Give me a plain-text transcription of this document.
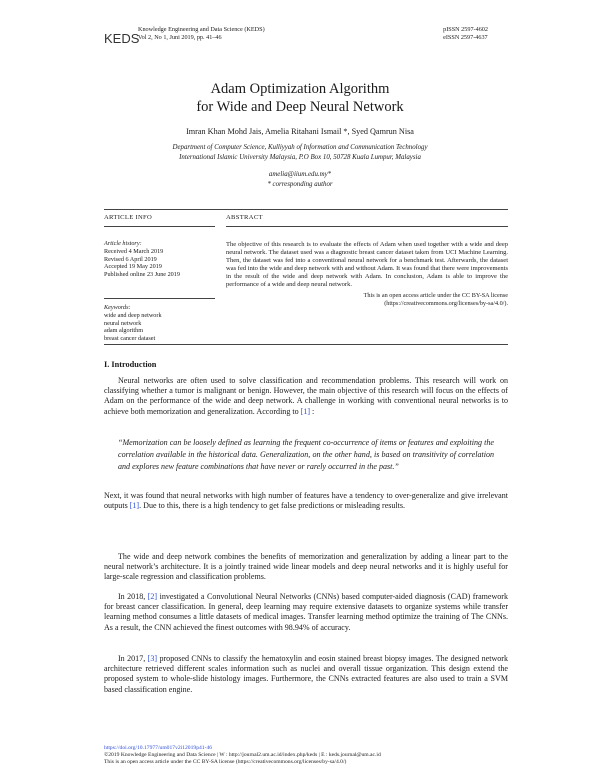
KEDS
Knowledge Engineering and Data Science (KEDS)
Vol 2, No 1, Juni 2019, pp. 41–46
pISSN 2597-4602
eISSN 2597-4637
Adam Optimization Algorithm
for Wide and Deep Neural Network
Imran Khan Mohd Jais, Amelia Ritahani Ismail *, Syed Qamrun Nisa
Department of Computer Science, Kulliyyah of Information and Communication Technology
International Islamic University Malaysia, P.O Box 10, 50728 Kuala Lumpur, Malaysia
amelia@iium.edu.my*
* corresponding author
ARTICLE INFO	ABSTRACT
Article history:
Received 4 March 2019
Revised 6 April 2019
Accepted 19 May 2019
Published online 23 June 2019
Keywords:
wide and deep network
neural network
adam algorithm
breast cancer dataset
The objective of this research is to evaluate the effects of Adam when used together with a wide and deep neural network. The dataset used was a diagnostic breast cancer dataset taken from UCI Machine Learning. Then, the dataset was fed into a conventional neural network for a benchmark test. Afterwards, the dataset was fed into the wide and deep network with and without Adam. It was found that there were improvements in the result of the wide and deep network with Adam. In conclusion, Adam is able to improve the performance of a wide and deep neural network.
This is an open access article under the CC BY-SA license
(https://creativecommons.org/licenses/by-sa/4.0/).
I. Introduction

Neural networks are often used to solve classification and recommendation problems. This research will work on classifying whether a tumor is malignant or benign. However, the main objective of this research will focus on the effects of Adam on the performance of the wide and deep network. A challenge in working with conventional neural networks is to achieve both memorization and generalization. According to [1] :

“Memorization can be loosely defined as learning the frequent co-occurrence of items or features and exploiting the correlation available in the historical data. Generalization, on the other hand, is based on transitivity of correlation and explores new feature combinations that have never or rarely occurred in the past.”

Next, it was found that neural networks with high number of features have a tendency to over-generalize and give irrelevant outputs [1]. Due to this, there is a high tendency to get false predictions or misleading results.

The wide and deep network combines the benefits of memorization and generalization by adding a linear part to the neural network’s architecture. It is a jointly trained wide linear models and deep neural networks and it is highly useful for large-scale regression and classification problems.

In 2018, [2] investigated a Convolutional Neural Networks (CNNs) based computer-aided diagnosis (CAD) framework for breast cancer classification. In general, deep learning may require extensive datasets to organize systems while transfer learning method consumes a little datasets of medical images. Transfer learning method optimize the training of The CNNs. As a result, the CNN achieved the finest outcomes with 98.94% of accuracy.

In 2017, [3] proposed CNNs to classify the hematoxylin and eosin stained breast biopsy images. The designed network architecture retrieved different scales information such as nuclei and overall tissue organization. This design extend the proposed system to whole-slide histology images. Furthermore, the CNNs extracted features are also used to train a SVM based classification engine.

https://doi.org/10.17977/um017v2i12019p41-46
©2019 Knowledge Engineering and Data Science | W : http://journal2.um.ac.id/index.php/keds | E : keds.journal@um.ac.id
This is an open access article under the CC BY-SA license (https://creativecommons.org/licenses/by-sa/4.0/)
